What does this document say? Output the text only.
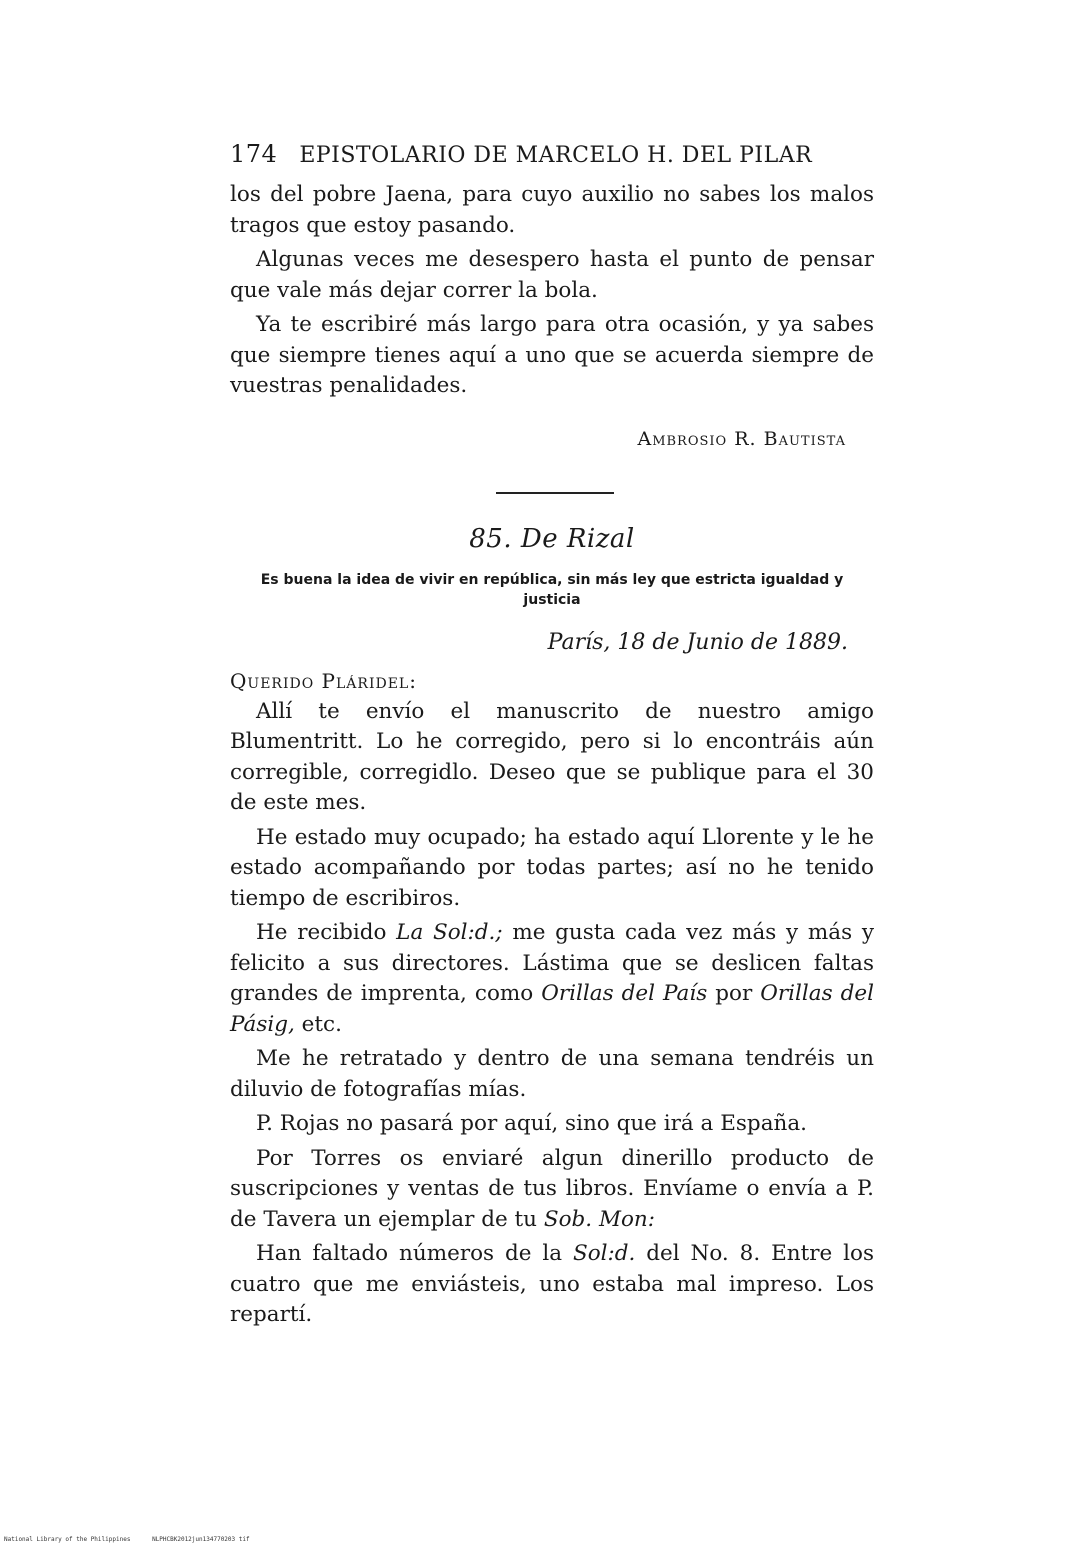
174 EPISTOLARIO DE MARCELO H. DEL PILAR

los del pobre Jaena, para cuyo auxilio no sabes los malos tragos que estoy pasando.

Algunas veces me desespero hasta el punto de pensar que vale más dejar correr la bola.

Ya te escribiré más largo para otra ocasión, y ya sabes que siempre tienes aquí a uno que se acuerda siempre de vuestras penalidades.

Ambrosio R. Bautista
85. De Rizal
Es buena la idea de vivir en república, sin más ley que estricta igualdad y justicia
París, 18 de Junio de 1889.
Querido Pláridel:

Allí te envío el manuscrito de nuestro amigo Blumentritt. Lo he corregido, pero si lo encontráis aún corregible, corregidlo. Deseo que se publique para el 30 de este mes.

He estado muy ocupado; ha estado aquí Llorente y le he estado acompañando por todas partes; así no he tenido tiempo de escribiros.

He recibido La Sol:d.; me gusta cada vez más y más y felicito a sus directores. Lástima que se deslicen faltas grandes de imprenta, como Orillas del País por Orillas del Pásig, etc.

Me he retratado y dentro de una semana tendréis un diluvio de fotografías mías.

P. Rojas no pasará por aquí, sino que irá a España.

Por Torres os enviaré algun dinerillo producto de suscripciones y ventas de tus libros. Envíame o envía a P. de Tavera un ejemplar de tu Sob. Mon:

Han faltado números de la Sol:d. del No. 8. Entre los cuatro que me enviásteis, uno estaba mal impreso. Los repartí.

National Library of the Philippines	NLPHCBK2012jun134770203 tif
